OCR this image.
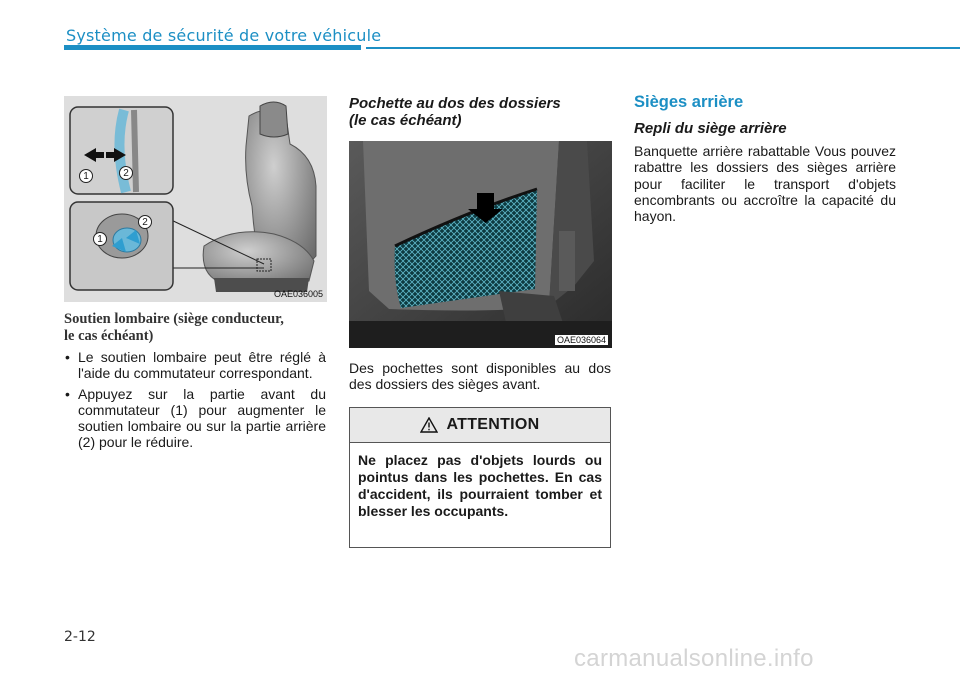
Système de sécurité de votre véhicule
1	2
1
2
OAE036005
Soutien lombaire (siège conducteur,
le cas échéant)
• Le soutien lombaire peut être réglé à l'aide du commutateur correspondant.
• Appuyez sur la partie avant du commutateur (1) pour augmenter le soutien lombaire ou sur la partie arrière (2) pour le réduire.
Pochette au dos des dossiers
(le cas échéant)
OAE036064
Des pochettes sont disponibles au dos des dossiers des sièges avant.
ATTENTION
Ne placez pas d'objets lourds ou pointus dans les pochettes. En cas d'accident, ils pourraient tomber et blesser les occupants.
Sièges arrière
Repli du siège arrière
Banquette arrière rabattable Vous pouvez rabattre les dossiers des sièges arrière pour faciliter le transport d'objets encombrants ou accroître la capacité du hayon.
2-12
carmanualsonline.info
